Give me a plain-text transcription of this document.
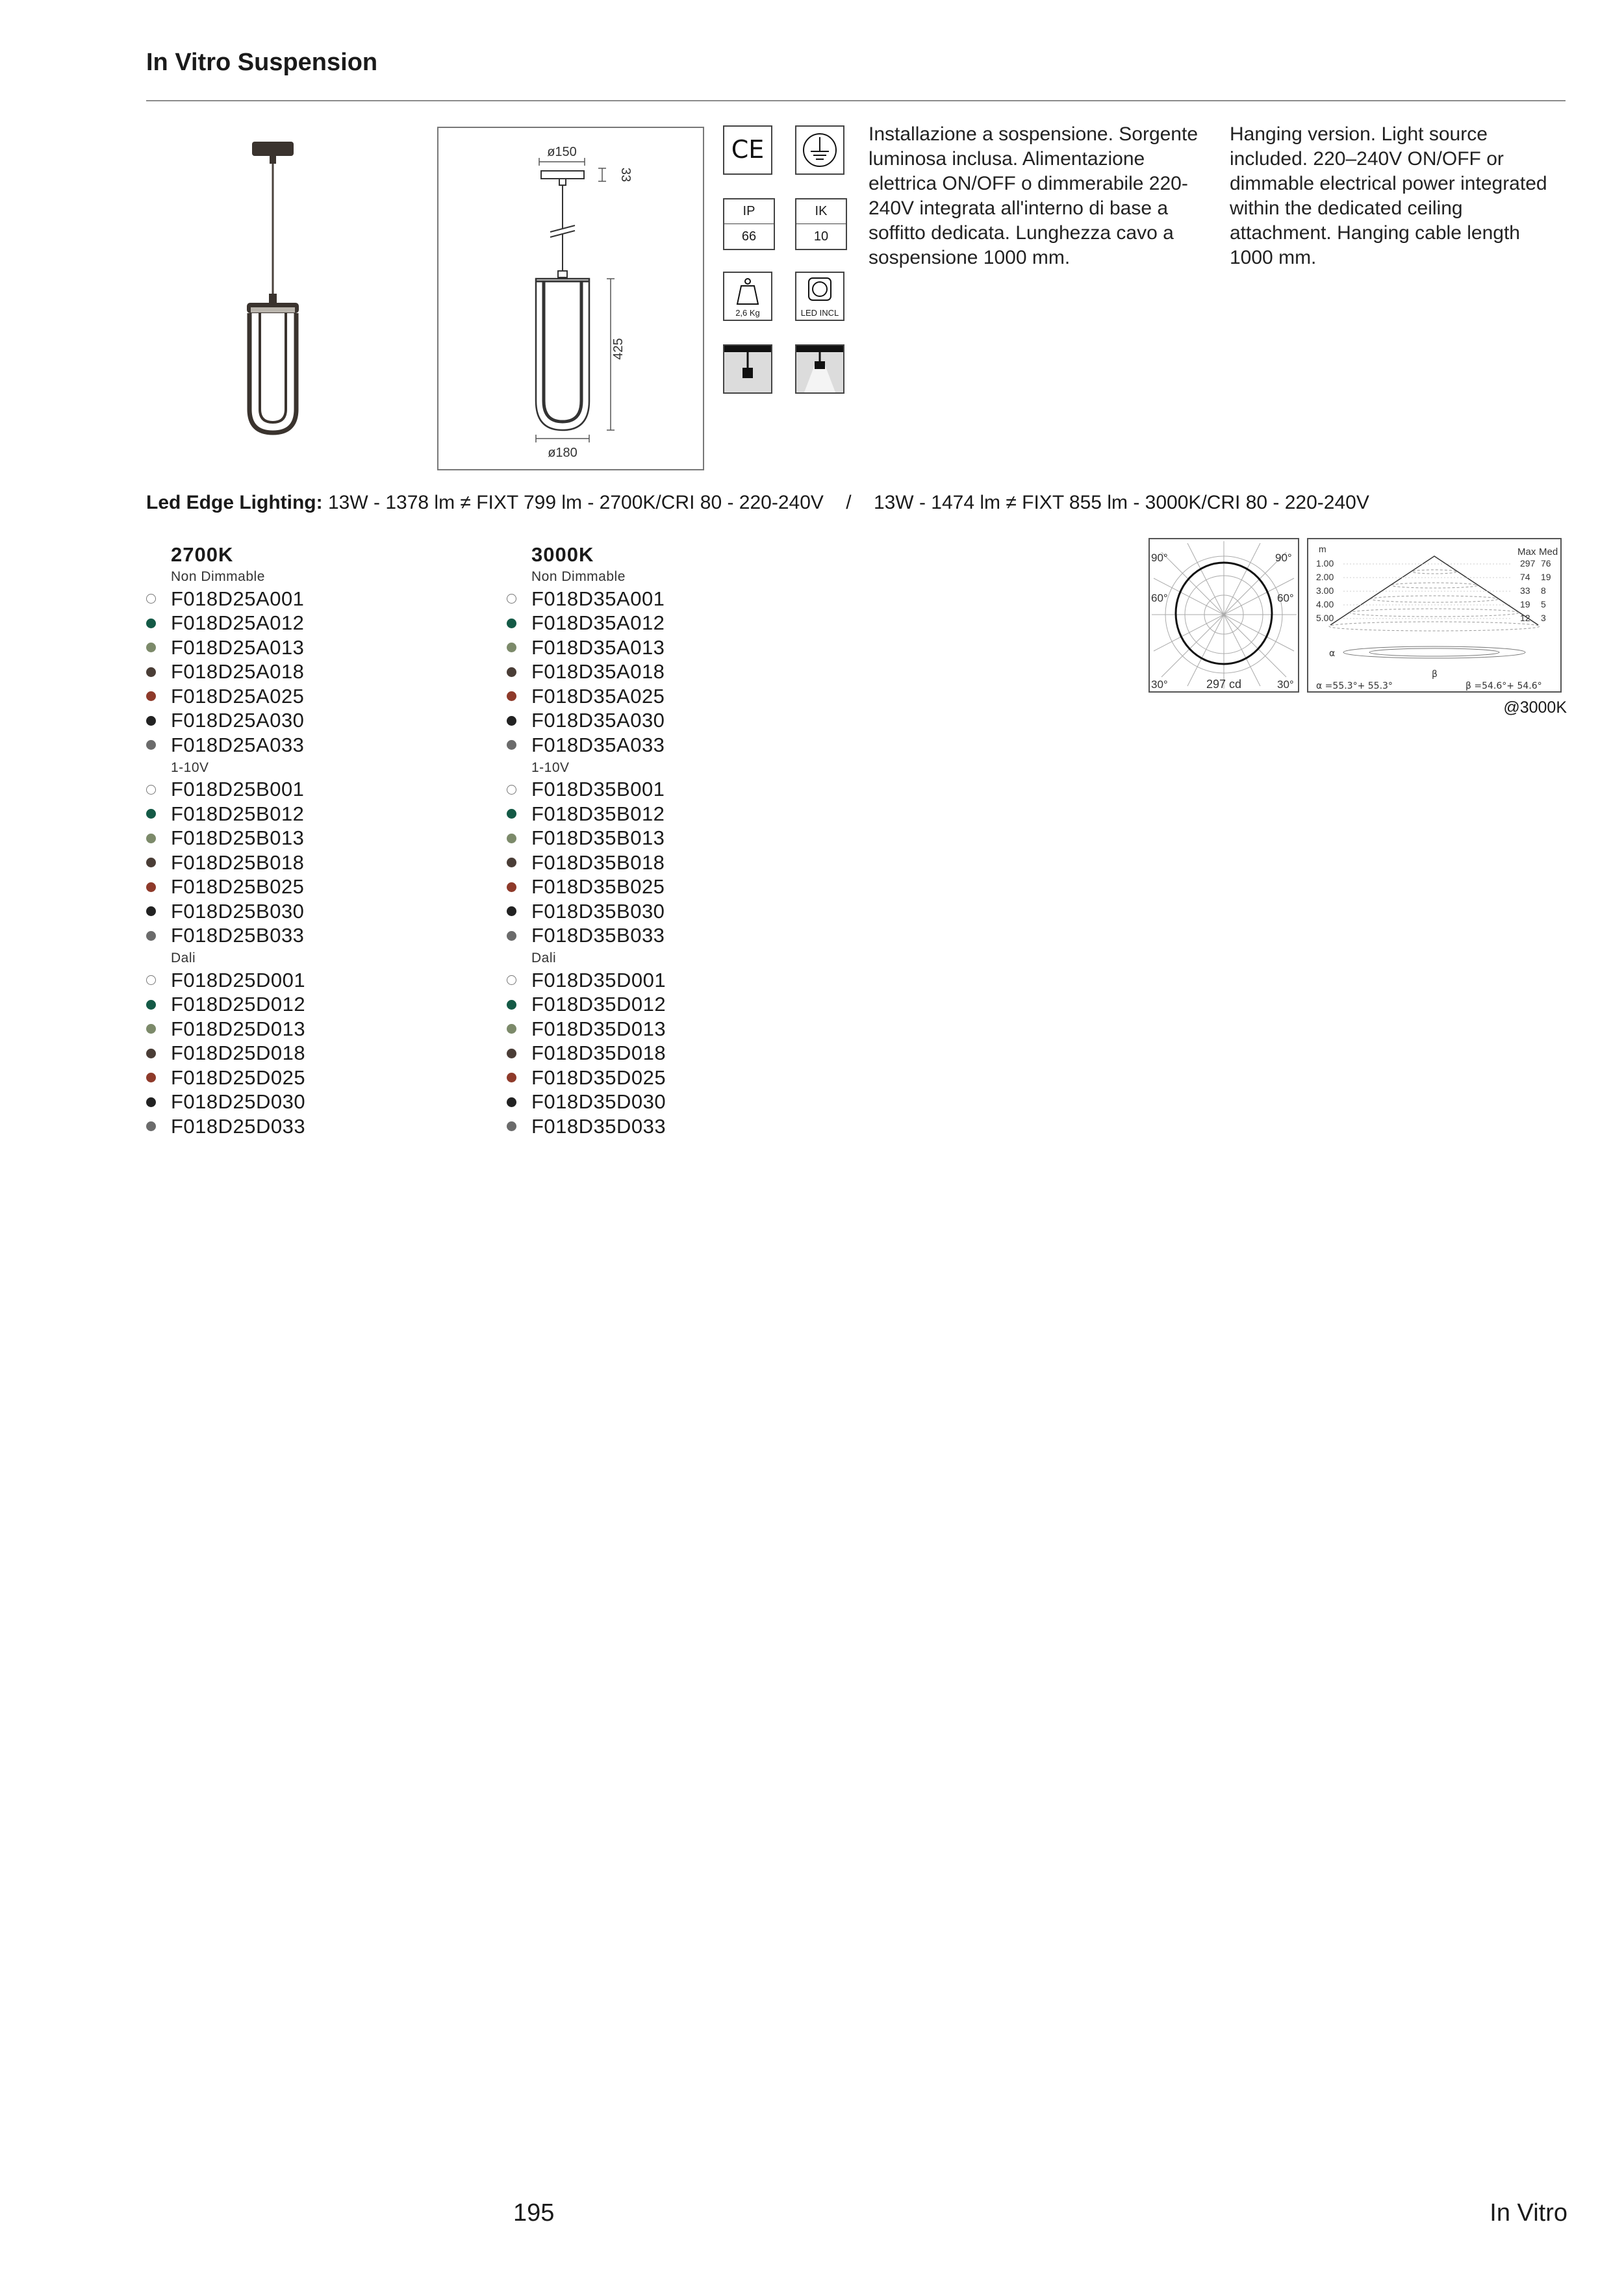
In Vitro Suspension
ø150
33
425
ø180
CE
IP
66
IK
10
2,6 Kg	LED INCL
Installazione a sospensione. Sorgente luminosa inclusa. Alimentazione elettrica ON/OFF o dimmerabile 220-240V integrata all'interno di base a soffitto dedicata. Lunghezza cavo a sospensione 1000 mm.
Hanging version. Light source included. 220–240V ON/OFF or dimmable electrical power integrated within the dedicated ceiling attachment. Hanging cable length 1000 mm.
Led Edge Lighting: 13W - 1378 lm ≠ FIXT 799 lm - 2700K/CRI 80 - 220-240V / 13W - 1474 lm ≠ FIXT 855 lm - 3000K/CRI 80 - 220-240V
2700K
Non Dimmable
F018D25A001
F018D25A012
F018D25A013
F018D25A018
F018D25A025
F018D25A030
F018D25A033
1-10V
F018D25B001
F018D25B012
F018D25B013
F018D25B018
F018D25B025
F018D25B030
F018D25B033
Dali
F018D25D001
F018D25D012
F018D25D013
F018D25D018
F018D25D025
F018D25D030
F018D25D033
3000K
Non Dimmable
F018D35A001
F018D35A012
F018D35A013
F018D35A018
F018D35A025
F018D35A030
F018D35A033
1-10V
F018D35B001
F018D35B012
F018D35B013
F018D35B018
F018D35B025
F018D35B030
F018D35B033
Dali
F018D35D001
F018D35D012
F018D35D013
F018D35D018
F018D35D025
F018D35D030
F018D35D033
90°	90°
60°	60°
30°	30°
297 cd
m	Max Med
1.00	297 76
2.00	74 19
3.00	33 8
4.00	19 5
5.00	12 3
α
β
α =55.3°+ 55.3°	β =54.6°+ 54.6°
@3000K
195	In Vitro
